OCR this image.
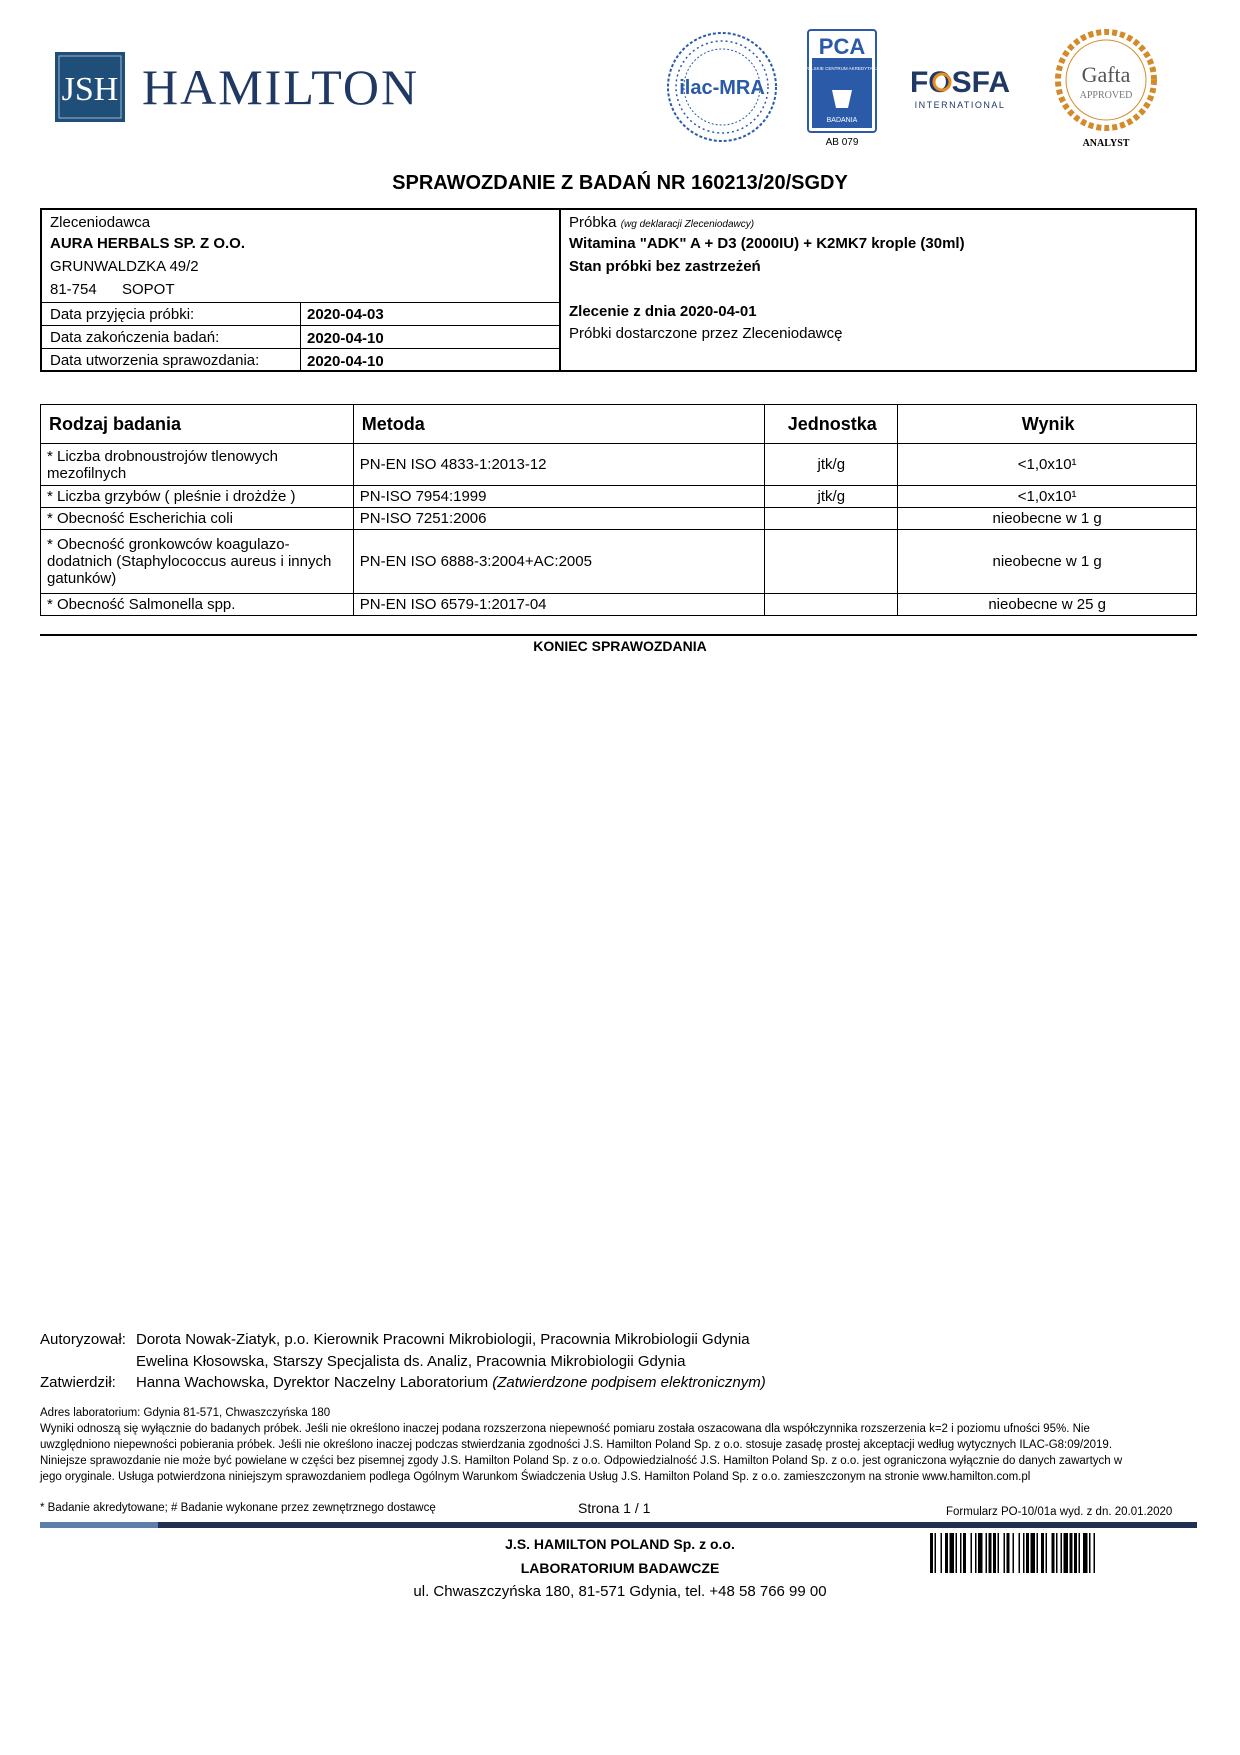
JSH HAMILTON	ilac-MRA
PCA
POLSKIE CENTRUM AKREDYTACJI
BADANIA
AB 079
FOSFA
INTERNATIONAL
Gafta
APPROVED
ANALYST
SPRAWOZDANIE Z BADAŃ NR 160213/20/SGDY
Zleceniodawca
AURA HERBALS SP. Z O.O.
GRUNWALDZKA 49/2
81-754 SOPOT
Data przyjęcia próbki:	2020-04-03
Data zakończenia badań:	2020-04-10
Data utworzenia sprawozdania:	2020-04-10
Próbka (wg deklaracji Zleceniodawcy)
Witamina "ADK" A + D3 (2000IU) + K2MK7 krople (30ml)
Stan próbki bez zastrzeżeń
Zlecenie z dnia 2020-04-01
Próbki dostarczone przez Zleceniodawcę
Rodzaj badania	Metoda	Jednostka	Wynik
* Liczba drobnoustrojów tlenowych mezofilnych	PN-EN ISO 4833-1:2013-12	jtk/g	<1,0x10¹
* Liczba grzybów ( pleśnie i drożdże )	PN-ISO 7954:1999	jtk/g	<1,0x10¹
* Obecność Escherichia coli	PN-ISO 7251:2006		nieobecne w 1 g
* Obecność gronkowców koagulazo-dodatnich (Staphylococcus aureus i innych gatunków)	PN-EN ISO 6888-3:2004+AC:2005		nieobecne w 1 g
* Obecność Salmonella spp.	PN-EN ISO 6579-1:2017-04		nieobecne w 25 g
KONIEC SPRAWOZDANIA
Autoryzował: Dorota Nowak-Ziatyk, p.o. Kierownik Pracowni Mikrobiologii, Pracownia Mikrobiologii Gdynia
Ewelina Kłosowska, Starszy Specjalista ds. Analiz, Pracownia Mikrobiologii Gdynia
Zatwierdził: Hanna Wachowska, Dyrektor Naczelny Laboratorium (Zatwierdzone podpisem elektronicznym)
Adres laboratorium: Gdynia 81-571, Chwaszczyńska 180
Wyniki odnoszą się wyłącznie do badanych próbek. Jeśli nie określono inaczej podana rozszerzona niepewność pomiaru została oszacowana dla współczynnika rozszerzenia k=2 i poziomu ufności 95%. Nie
uwzględniono niepewności pobierania próbek. Jeśli nie określono inaczej podczas stwierdzania zgodności J.S. Hamilton Poland Sp. z o.o. stosuje zasadę prostej akceptacji według wytycznych ILAC-G8:09/2019.
Niniejsze sprawozdanie nie może być powielane w części bez pisemnej zgody J.S. Hamilton Poland Sp. z o.o. Odpowiedzialność J.S. Hamilton Poland Sp. z o.o. jest ograniczona wyłącznie do danych zawartych w
jego oryginale. Usługa potwierdzona niniejszym sprawozdaniem podlega Ogólnym Warunkom Świadczenia Usług J.S. Hamilton Poland Sp. z o.o. zamieszczonym na stronie www.hamilton.com.pl
* Badanie akredytowane; # Badanie wykonane przez zewnętrznego dostawcę	Strona 1 / 1	Formularz PO-10/01a wyd. z dn. 20.01.2020
J.S. HAMILTON POLAND Sp. z o.o.
LABORATORIUM BADAWCZE
ul. Chwaszczyńska 180, 81-571 Gdynia, tel. +48 58 766 99 00
